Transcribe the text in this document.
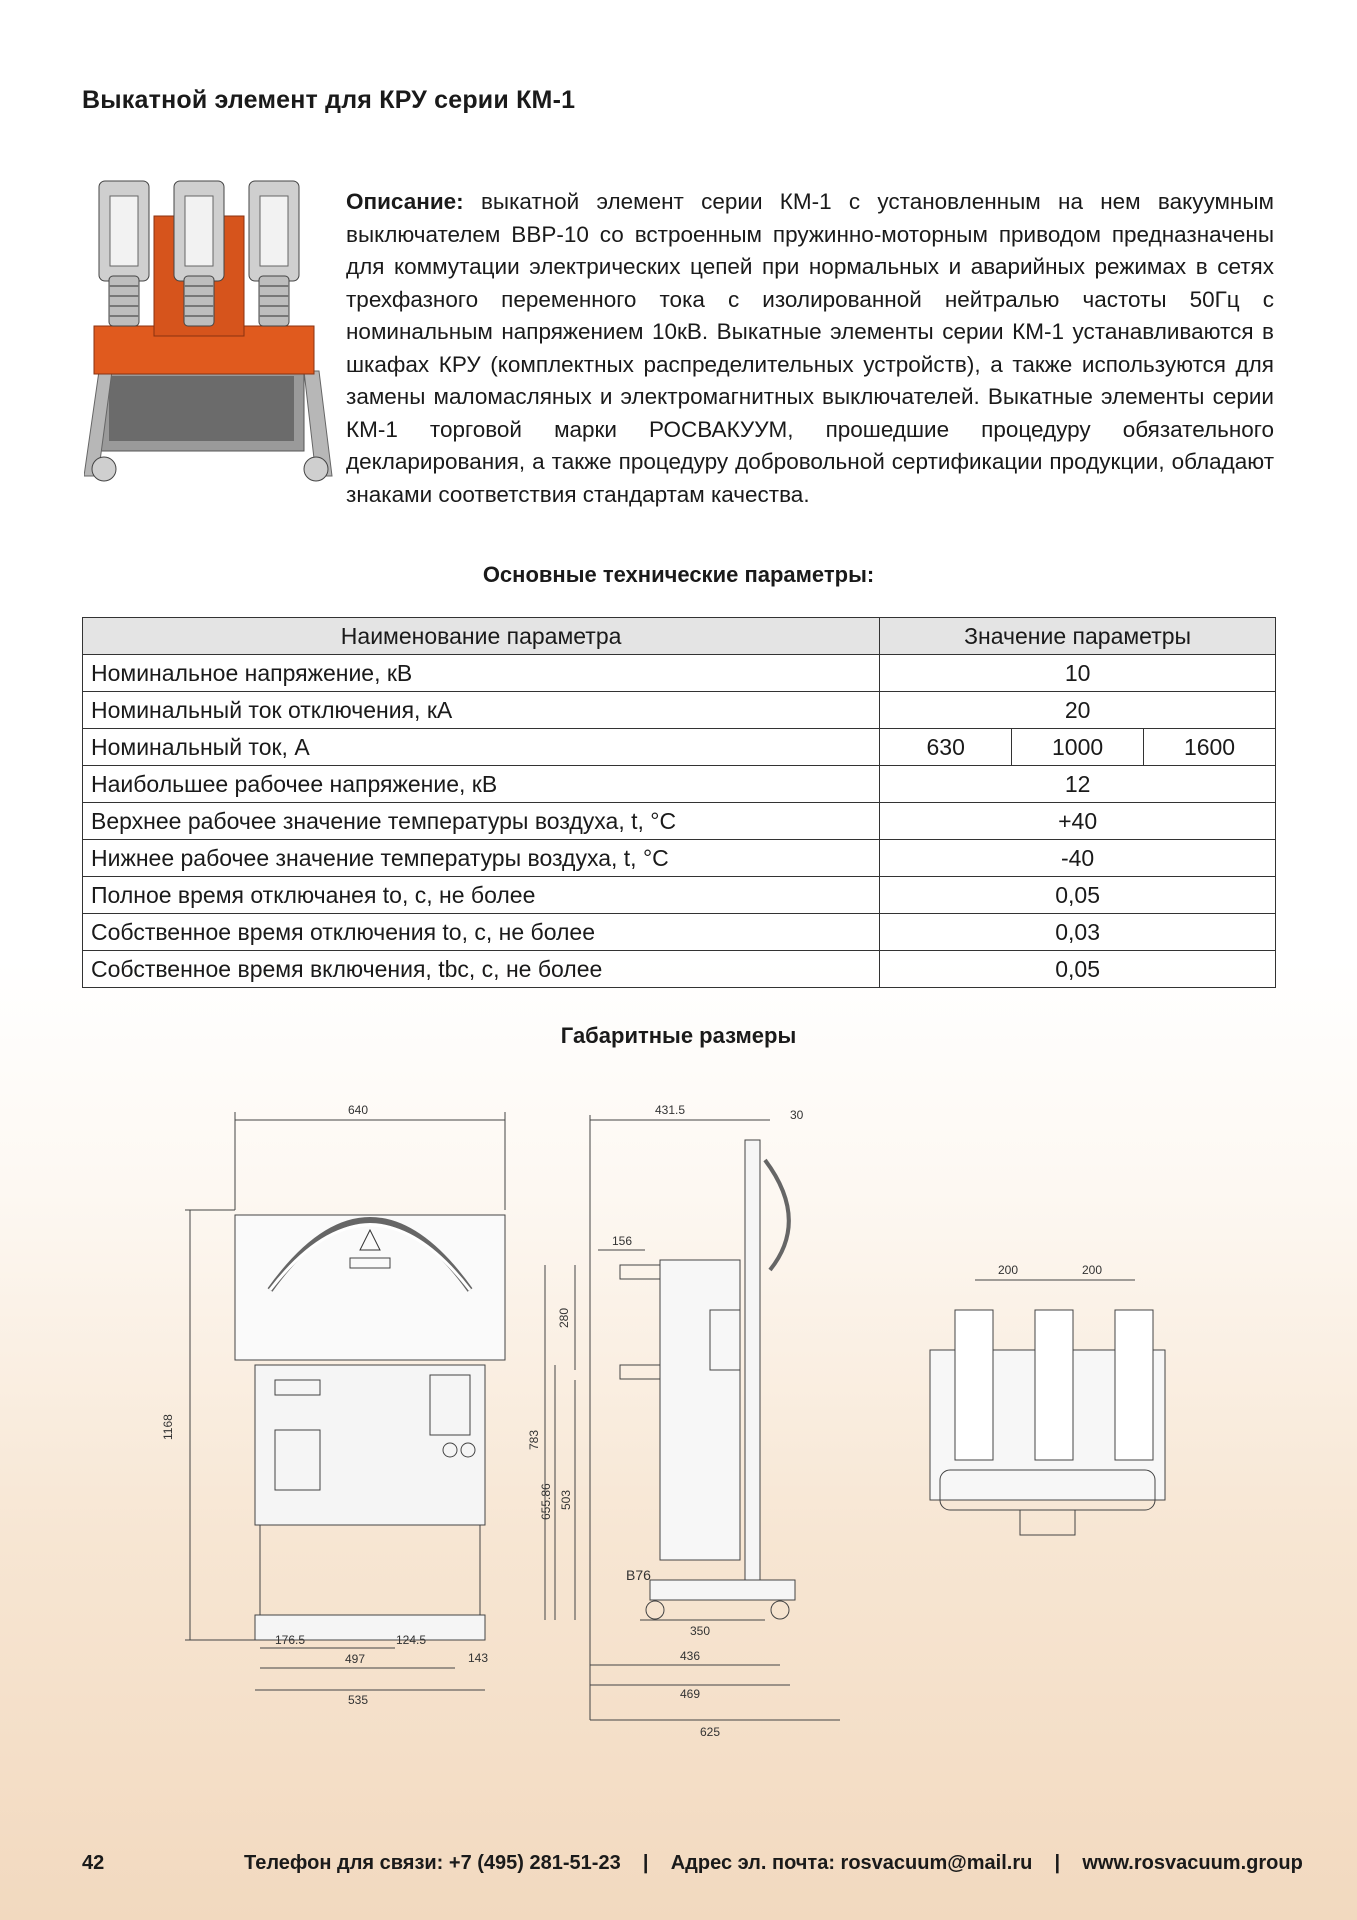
Выкатной элемент для КРУ серии КМ-1
Описание: выкатной элемент серии КМ-1 с установленным на нем вакуумным выключателем ВВР-10 со встроенным пружинно-моторным приводом предназначены для коммутации электрических цепей при нормальных и аварийных режимах в сетях трехфазного переменного тока с изолированной нейтралью частоты 50Гц с номинальным напряжением 10кВ. Выкатные элементы серии КМ-1 устанавливаются в шкафах КРУ (комплектных распределительных устройств), а также используются для замены маломасляных и электромагнитных выключателей. Выкатные элементы серии КМ-1 торговой марки РОСВАКУУМ, прошедшие процедуру обязательного декларирования, а также процедуру добровольной сертификации продукции, обладают знаками соответствия стандартам качества.
Основные технические параметры:
Наименование параметра	Значение параметры		
Номинальное напряжение, кВ	10		
Номинальный ток отключения, кА	20		
Номинальный ток, А	630	1000	1600
Наибольшее рабочее напряжение, кВ	12		
Верхнее рабочее значение температуры воздуха, t, °С	+40		
Нижнее рабочее значение температуры воздуха, t, °С	-40		
Полное время отключанея to, c, не более	0,05		
Собственное время отключения to, c, не более	0,03		
Собственное время включения, tbc, c, не более	0,05		
Габаритные размеры
640
1168
176.5	124.5
497	143
535
431.5	30
156
280
783
655.86 503
В76
350
436
469
625
200	200
42	Телефон для связи: +7 (495) 281-51-23    |    Адрес эл. почта: rosvacuum@mail.ru    |    www.rosvacuum.group
